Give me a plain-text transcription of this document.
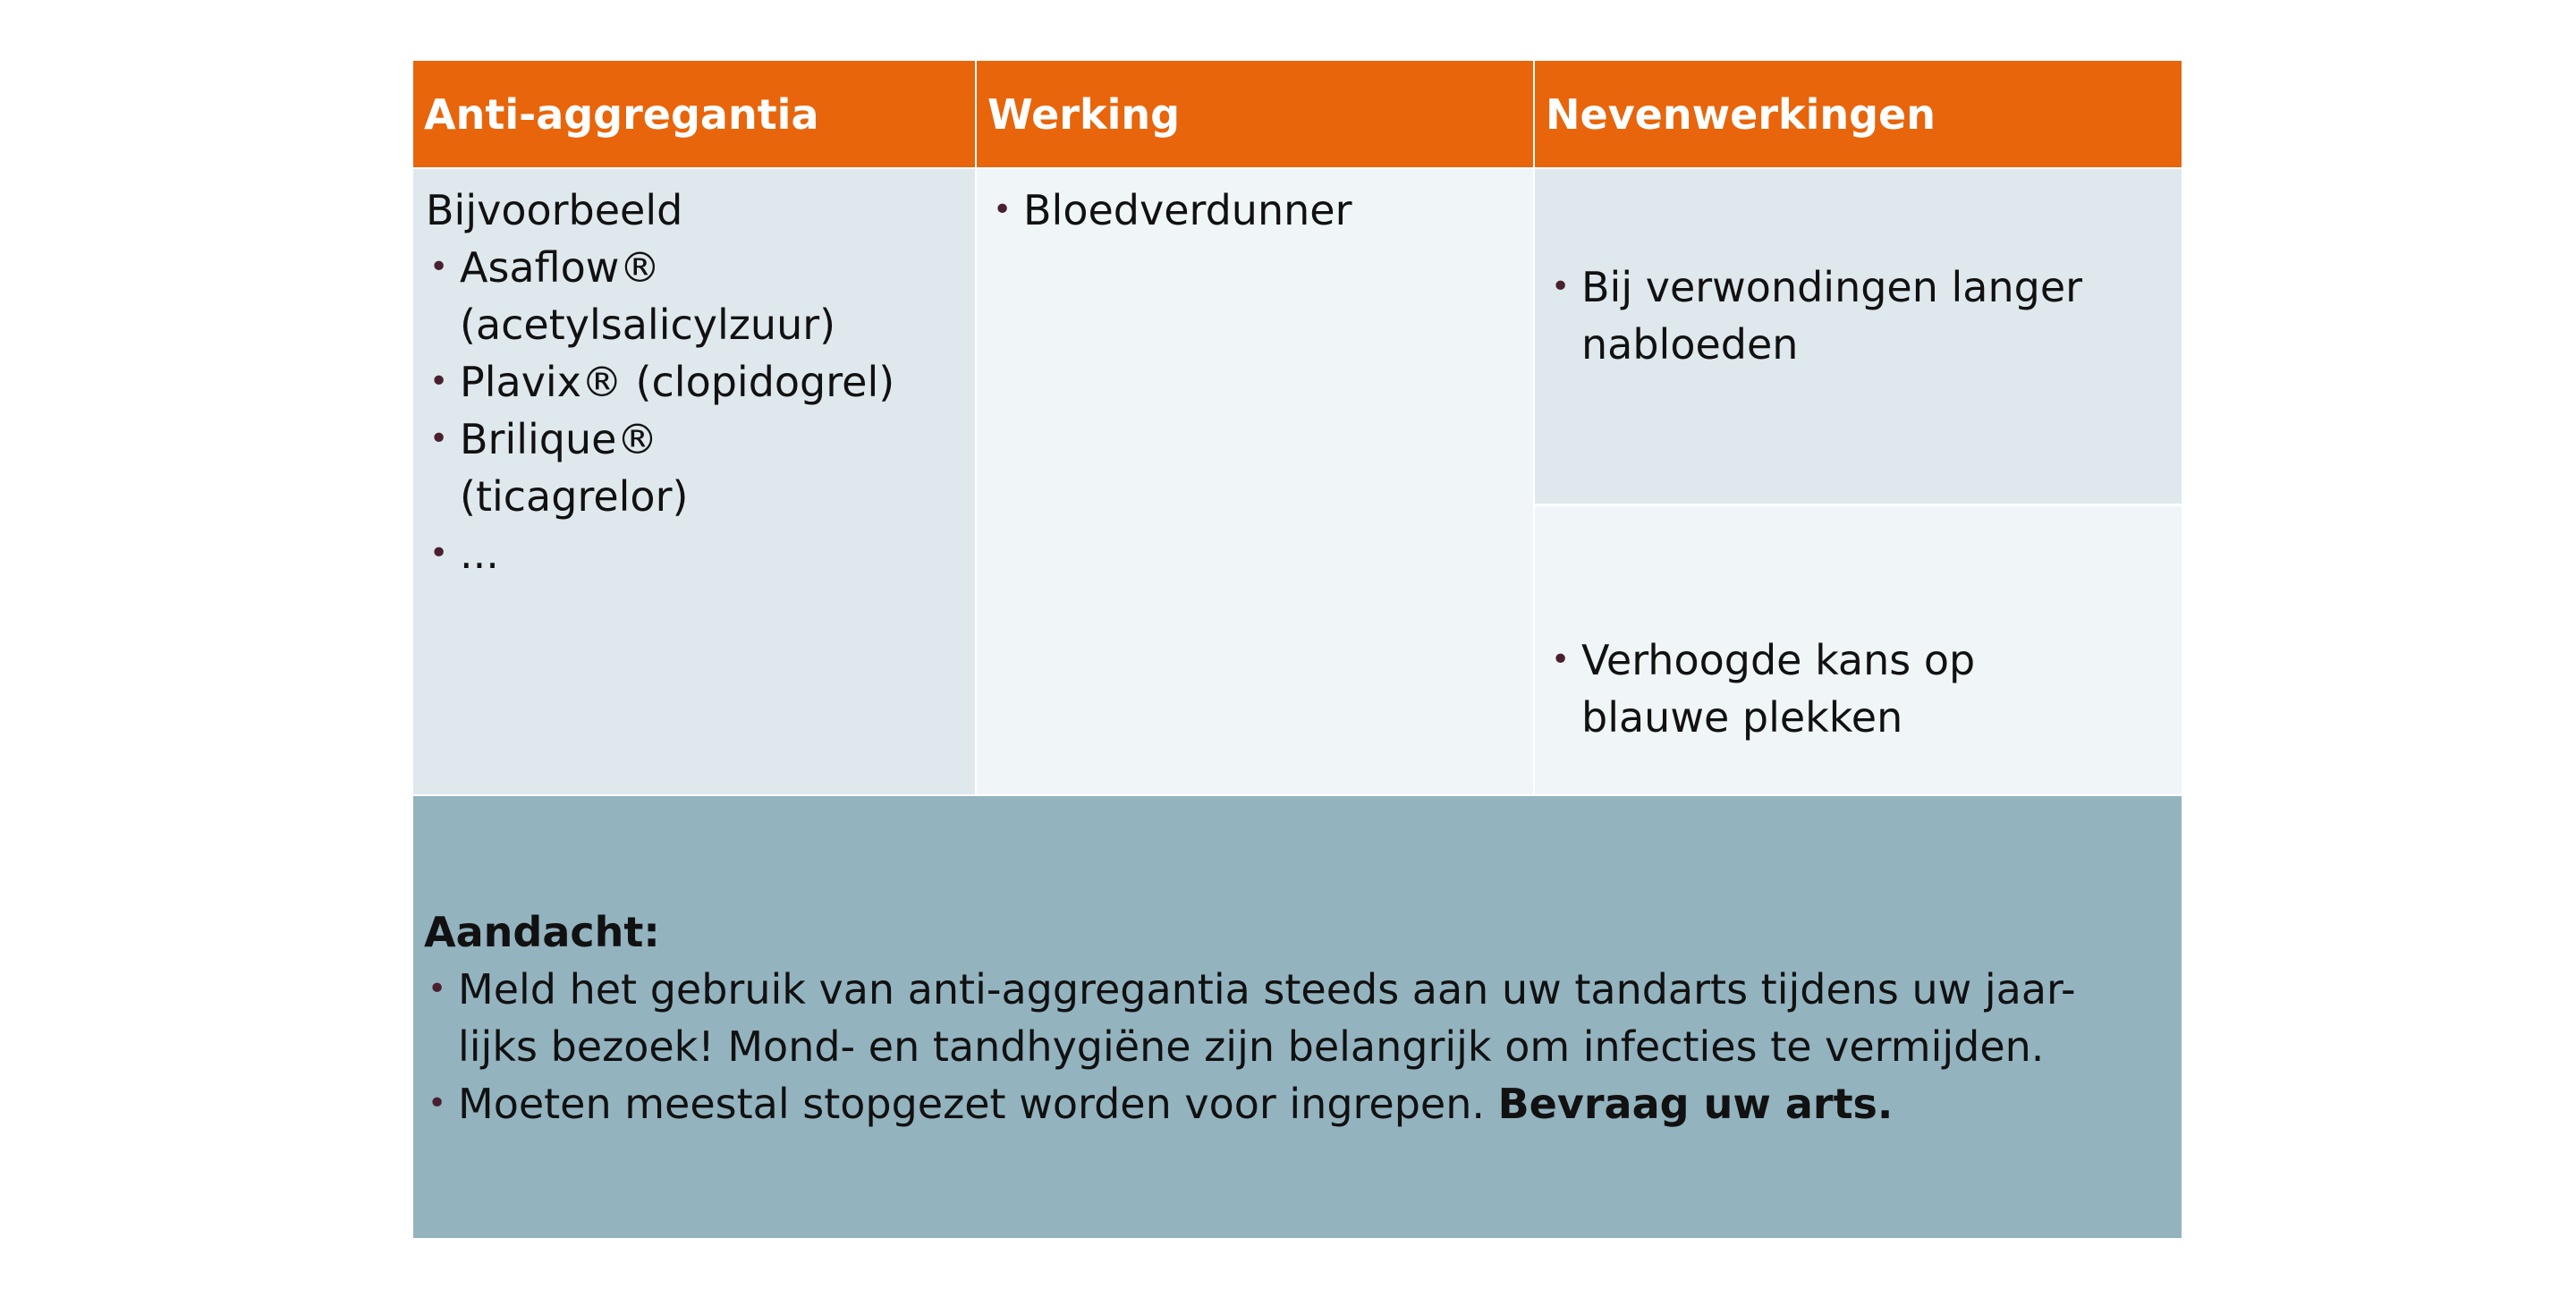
Anti-aggregantia	Werking	Nevenwerkingen
Bijvoorbeeld
• Asaflow®
(acetylsalicylzuur)
• Plavix® (clopidogrel)
• Brilique®
(ticagrelor)
• ...
• Bloedverdunner
• Bij verwondingen langer
nabloeden
• Verhoogde kans op
blauwe plekken
Aandacht:
• Meld het gebruik van anti-aggregantia steeds aan uw tandarts tijdens uw jaar-
lijks bezoek! Mond- en tandhygiëne zijn belangrijk om infecties te vermijden.
• Moeten meestal stopgezet worden voor ingrepen. Bevraag uw arts.
